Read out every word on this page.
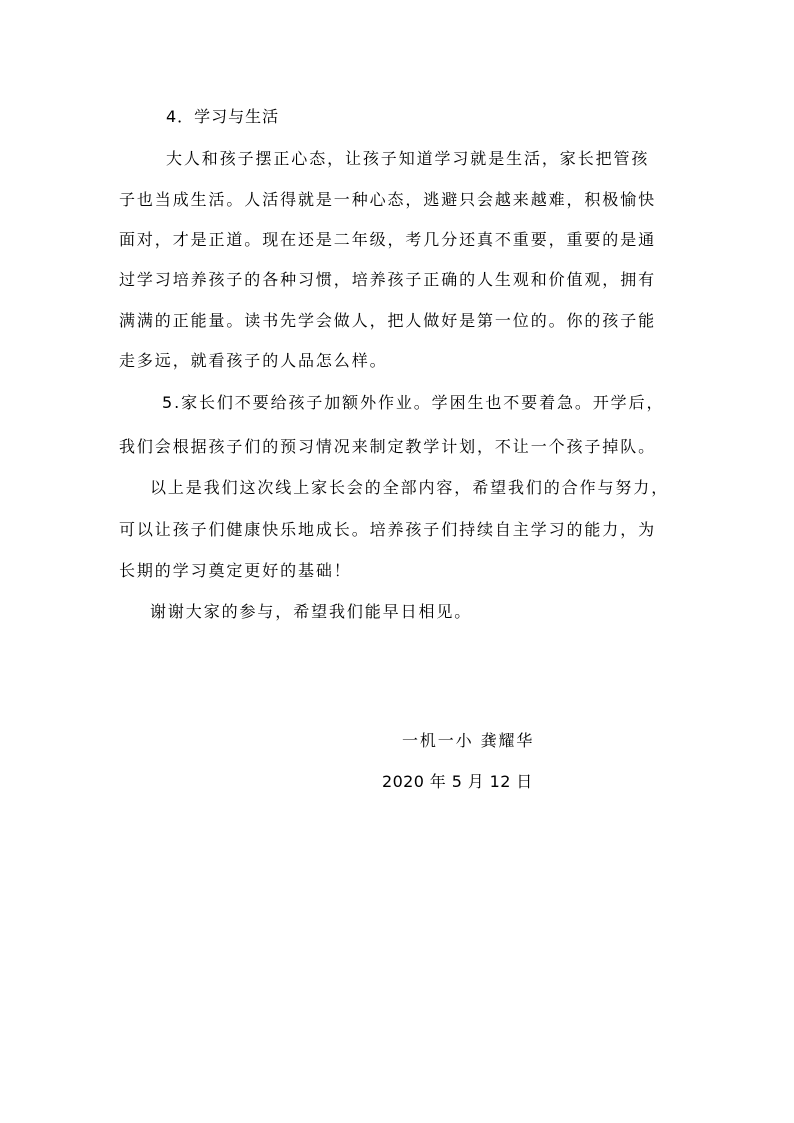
4．学习与生活
大人和孩子摆正心态，让孩子知道学习就是生活，家长把管孩
子也当成生活。人活得就是一种心态，逃避只会越来越难，积极愉快
面对，才是正道。现在还是二年级，考几分还真不重要，重要的是通
过学习培养孩子的各种习惯，培养孩子正确的人生观和价值观，拥有
满满的正能量。读书先学会做人，把人做好是第一位的。你的孩子能
走多远，就看孩子的人品怎么样。
5.家长们不要给孩子加额外作业。学困生也不要着急。开学后，
我们会根据孩子们的预习情况来制定教学计划，不让一个孩子掉队。
以上是我们这次线上家长会的全部内容，希望我们的合作与努力，
可以让孩子们健康快乐地成长。培养孩子们持续自主学习的能力，为
长期的学习奠定更好的基础！
谢谢大家的参与，希望我们能早日相见。
一机一小 龚耀华
2020 年 5 月 12 日
